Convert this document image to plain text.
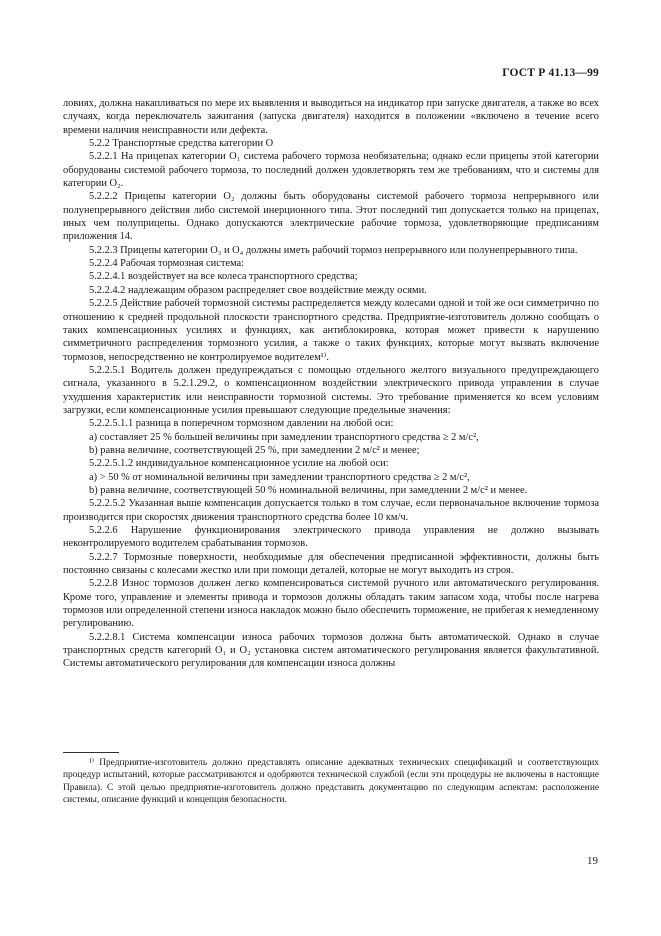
ГОСТ Р 41.13—99

ловиях, должна накапливаться по мере их выявления и выводиться на индикатор при запуске двигателя, а также во всех случаях, когда переключатель зажигания (запуска двигателя) находится в положении «включено в течение всего времени наличия неисправности или дефекта.

5.2.2 Транспортные средства категории O

5.2.2.1 На прицепах категории O₁ система рабочего тормоза необязательна; однако если прицепы этой категории оборудованы системой рабочего тормоза, то последний должен удовлетворять тем же требованиям, что и системы для категории O₂.

5.2.2.2 Прицепы категории O₂ должны быть оборудованы системой рабочего тормоза непрерывного или полунепрерывного действия либо системой инерционного типа. Этот последний тип допускается только на прицепах, иных чем полуприцепы. Однако допускаются электрические рабочие тормоза, удовлетворяющие предписаниям приложения 14.

5.2.2.3 Прицепы категории O₃ и O₄ должны иметь рабочий тормоз непрерывного или полунепрерывного типа.

5.2.2.4 Рабочая тормозная система:

5.2.2.4.1 воздействует на все колеса транспортного средства;

5.2.2.4.2 надлежащим образом распределяет свое воздействие между осями.

5.2.2.5 Действие рабочей тормозной системы распределяется между колесами одной и той же оси симметрично по отношению к средней продольной плоскости транспортного средства. Предприятие-изготовитель должно сообщать о таких компенсационных усилиях и функциях, как антиблокировка, которая может привести к нарушению симметричного распределения тормозного усилия, а также о таких функциях, которые могут вызвать включение тормозов, непосредственно не контролируемое водителем¹⁾.

5.2.2.5.1 Водитель должен предупреждаться с помощью отдельного желтого визуального предупреждающего сигнала, указанного в 5.2.1.29.2, о компенсационном воздействии электрического привода управления в случае ухудшения характеристик или неисправности тормозной системы. Это требование применяется ко всем условиям загрузки, если компенсационные усилия превышают следующие предельные значения:

5.2.2.5.1.1 разница в поперечном тормозном давлении на любой оси:

a) составляет 25 % большей величины при замедлении транспортного средства ≥ 2 м/с²,

b) равна величине, соответствующей 25 %, при замедлении 2 м/с² и менее;

5.2.2.5.1.2 индивидуальное компенсационное усилие на любой оси:

a) > 50 % от номинальной величины при замедлении транспортного средства ≥ 2 м/с²,

b) равна величине, соответствующей 50 % номинальной величины, при замедлении 2 м/с² и менее.

5.2.2.5.2 Указанная выше компенсация допускается только в том случае, если первоначальное включение тормоза производится при скоростях движения транспортного средства более 10 км/ч.

5.2.2.6 Нарушение функционирования электрического привода управления не должно вызывать неконтролируемого водителем срабатывания тормозов.

5.2.2.7 Тормозные поверхности, необходимые для обеспечения предписанной эффективности, должны быть постоянно связаны с колесами жестко или при помощи деталей, которые не могут выходить из строя.

5.2.2.8 Износ тормозов должен легко компенсироваться системой ручного или автоматического регулирования. Кроме того, управление и элементы привода и тормозов должны обладать таким запасом хода, чтобы после нагрева тормозов или определенной степени износа накладок можно было обеспечить торможение, не прибегая к немедленному регулированию.

5.2.2.8.1 Система компенсации износа рабочих тормозов должна быть автоматической. Однако в случае транспортных средств категорий O₁ и O₂ установка систем автоматического регулирования является факультативной. Системы автоматического регулирования для компенсации износа должны

¹⁾ Предприятие-изготовитель должно представлять описание адекватных технических спецификаций и соответствующих процедур испытаний, которые рассматриваются и одобряются технической службой (если эти процедуры не включены в настоящие Правила). С этой целью предприятие-изготовитель должно представить документацию по следующим аспектам: расположение системы, описание функций и концепция безопасности.

19
